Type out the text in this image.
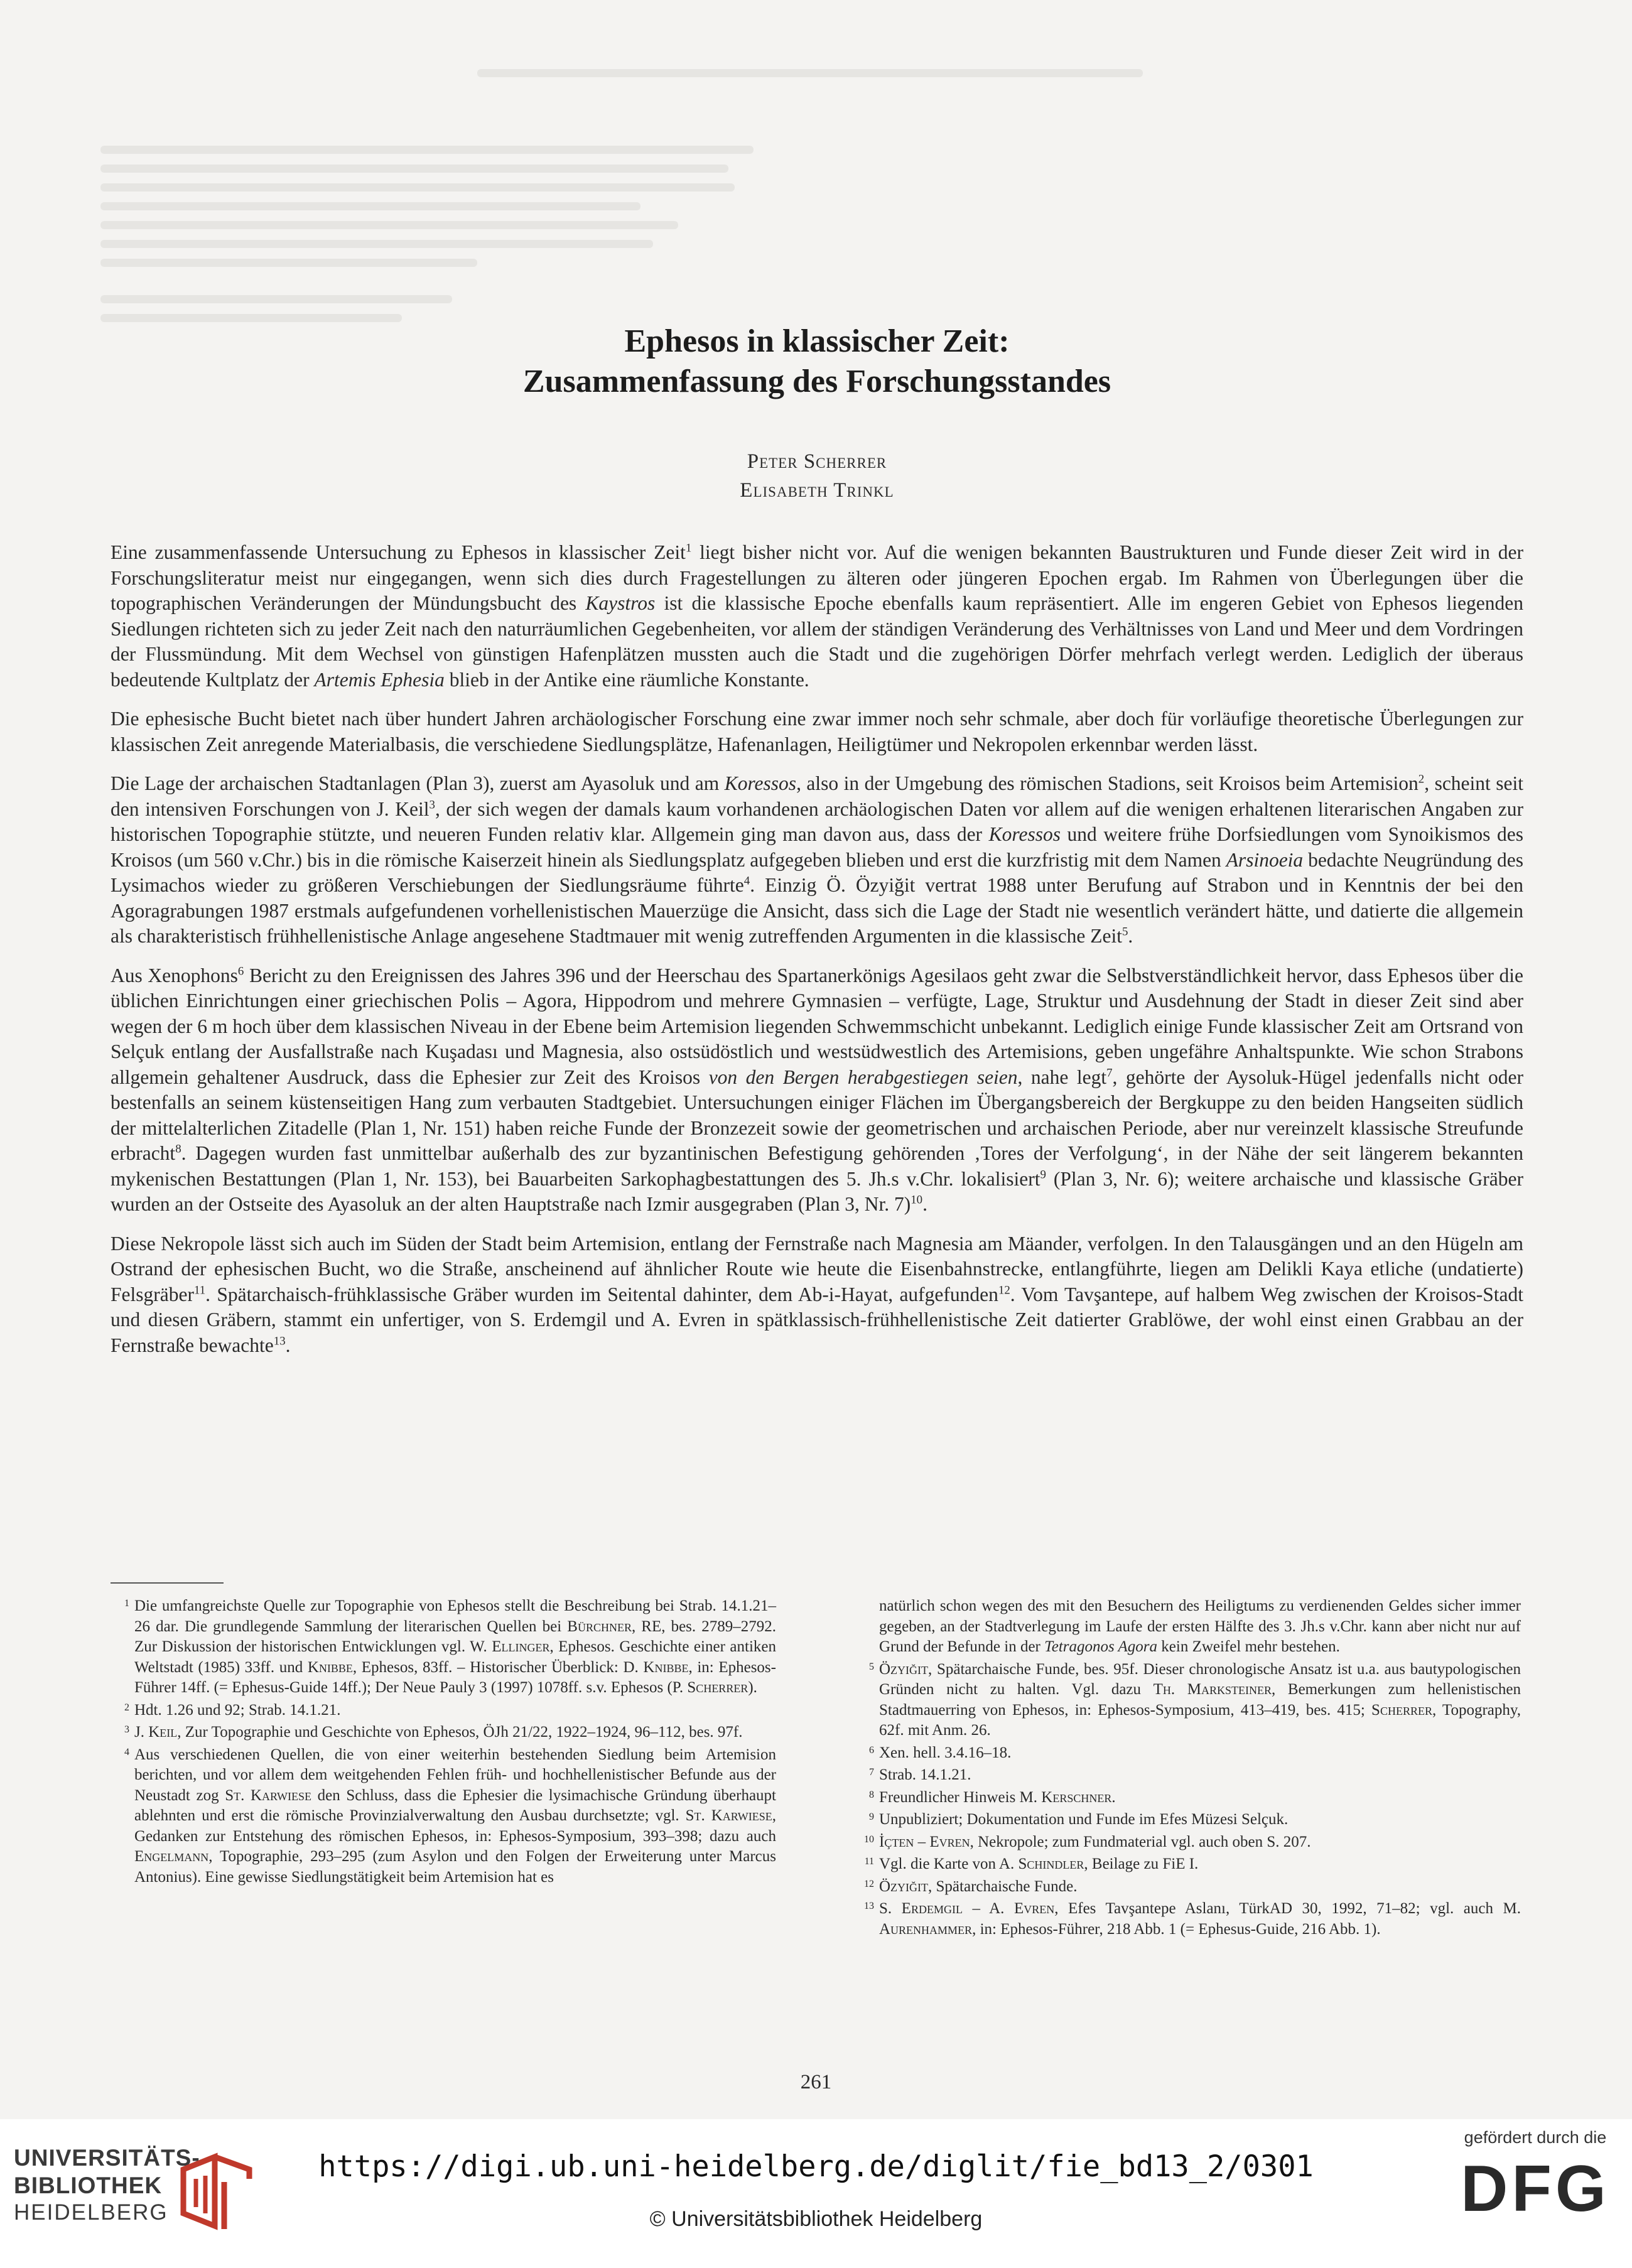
Ephesos in klassischer Zeit:
Zusammenfassung des Forschungsstandes
Peter Scherrer
Elisabeth Trinkl

Eine zusammenfassende Untersuchung zu Ephesos in klassischer Zeit$^1$ liegt bisher nicht vor. Auf die wenigen bekannten Baustrukturen und Funde dieser Zeit wird in der Forschungsliteratur meist nur eingegangen, wenn sich dies durch Fragestellungen zu älteren oder jüngeren Epochen ergab. Im Rahmen von Überlegungen über die topographischen Veränderungen der Mündungsbucht des Kaystros ist die klassische Epoche ebenfalls kaum repräsentiert. Alle im engeren Gebiet von Ephesos liegenden Siedlungen richteten sich zu jeder Zeit nach den naturräumlichen Gegebenheiten, vor allem der ständigen Veränderung des Verhältnisses von Land und Meer und dem Vordringen der Flussmündung. Mit dem Wechsel von günstigen Hafenplätzen mussten auch die Stadt und die zugehörigen Dörfer mehrfach verlegt werden. Lediglich der überaus bedeutende Kultplatz der Artemis Ephesia blieb in der Antike eine räumliche Konstante.

Die ephesische Bucht bietet nach über hundert Jahren archäologischer Forschung eine zwar immer noch sehr schmale, aber doch für vorläufige theoretische Überlegungen zur klassischen Zeit anregende Materialbasis, die verschiedene Siedlungsplätze, Hafenanlagen, Heiligtümer und Nekropolen erkennbar werden lässt.

Die Lage der archaischen Stadtanlagen (Plan 3), zuerst am Ayasoluk und am Koressos, also in der Umgebung des römischen Stadions, seit Kroisos beim Artemision$^2$, scheint seit den intensiven Forschungen von J. Keil$^3$, der sich wegen der damals kaum vorhandenen archäologischen Daten vor allem auf die wenigen erhaltenen literarischen Angaben zur historischen Topographie stützte, und neueren Funden relativ klar. Allgemein ging man davon aus, dass der Koressos und weitere frühe Dorfsiedlungen vom Synoikismos des Kroisos (um 560 v.Chr.) bis in die römische Kaiserzeit hinein als Siedlungsplatz aufgegeben blieben und erst die kurzfristig mit dem Namen Arsinoeia bedachte Neugründung des Lysimachos wieder zu größeren Verschiebungen der Siedlungsräume führte$^4$. Einzig Ö. Özyiğit vertrat 1988 unter Berufung auf Strabon und in Kenntnis der bei den Agoragrabungen 1987 erstmals aufgefundenen vorhellenistischen Mauerzüge die Ansicht, dass sich die Lage der Stadt nie wesentlich verändert hätte, und datierte die allgemein als charakteristisch frühhellenistische Anlage angesehene Stadtmauer mit wenig zutreffenden Argumenten in die klassische Zeit$^5$.

Aus Xenophons$^6$ Bericht zu den Ereignissen des Jahres 396 und der Heerschau des Spartanerkönigs Agesilaos geht zwar die Selbstverständlichkeit hervor, dass Ephesos über die üblichen Einrichtungen einer griechischen Polis – Agora, Hippodrom und mehrere Gymnasien – verfügte, Lage, Struktur und Ausdehnung der Stadt in dieser Zeit sind aber wegen der 6 m hoch über dem klassischen Niveau in der Ebene beim Artemision liegenden Schwemmschicht unbekannt. Lediglich einige Funde klassischer Zeit am Ortsrand von Selçuk entlang der Ausfallstraße nach Kuşadası und Magnesia, also ostsüdöstlich und westsüdwestlich des Artemisions, geben ungefähre Anhaltspunkte. Wie schon Strabons allgemein gehaltener Ausdruck, dass die Ephesier zur Zeit des Kroisos von den Bergen herabgestiegen seien, nahe legt$^7$, gehörte der Aysoluk-Hügel jedenfalls nicht oder bestenfalls an seinem küstenseitigen Hang zum verbauten Stadtgebiet. Untersuchungen einiger Flächen im Übergangsbereich der Bergkuppe zu den beiden Hangseiten südlich der mittelalterlichen Zitadelle (Plan 1, Nr. 151) haben reiche Funde der Bronzezeit sowie der geometrischen und archaischen Periode, aber nur vereinzelt klassische Streufunde erbracht$^8$. Dagegen wurden fast unmittelbar außerhalb des zur byzantinischen Befestigung gehörenden ‚Tores der Verfolgung‘, in der Nähe der seit längerem bekannten mykenischen Bestattungen (Plan 1, Nr. 153), bei Bauarbeiten Sarkophagbestattungen des 5. Jh.s v.Chr. lokalisiert$^9$ (Plan 3, Nr. 6); weitere archaische und klassische Gräber wurden an der Ostseite des Ayasoluk an der alten Hauptstraße nach Izmir ausgegraben (Plan 3, Nr. 7)$^{10}$.

Diese Nekropole lässt sich auch im Süden der Stadt beim Artemision, entlang der Fernstraße nach Magnesia am Mäander, verfolgen. In den Talausgängen und an den Hügeln am Ostrand der ephesischen Bucht, wo die Straße, anscheinend auf ähnlicher Route wie heute die Eisenbahnstrecke, entlangführte, liegen am Delikli Kaya etliche (undatierte) Felsgräber$^{11}$. Spätarchaisch-frühklassische Gräber wurden im Seitental dahinter, dem Ab-i-Hayat, aufgefunden$^{12}$. Vom Tavşantepe, auf halbem Weg zwischen der Kroisos-Stadt und diesen Gräbern, stammt ein unfertiger, von S. Erdemgil und A. Evren in spätklassisch-frühhellenistische Zeit datierter Grablöwe, der wohl einst einen Grabbau an der Fernstraße bewachte$^{13}$.

1 Die umfangreichste Quelle zur Topographie von Ephesos stellt die Beschreibung bei Strab. 14.1.21–26 dar. Die grundlegende Sammlung der literarischen Quellen bei Bürchner, RE, bes. 2789–2792. Zur Diskussion der historischen Entwicklungen vgl. W. Ellinger, Ephesos. Geschichte einer antiken Weltstadt (1985) 33ff. und Knibbe, Ephesos, 83ff. – Historischer Überblick: D. Knibbe, in: Ephesos-Führer 14ff. (= Ephesus-Guide 14ff.); Der Neue Pauly 3 (1997) 1078ff. s.v. Ephesos (P. Scherrer).
2 Hdt. 1.26 und 92; Strab. 14.1.21.
3 J. Keil, Zur Topographie und Geschichte von Ephesos, ÖJh 21/22, 1922–1924, 96–112, bes. 97f.
4 Aus verschiedenen Quellen, die von einer weiterhin bestehenden Siedlung beim Artemision berichten, und vor allem dem weitgehenden Fehlen früh- und hochhellenistischer Befunde aus der Neustadt zog St. Karwiese den Schluss, dass die Ephesier die lysimachische Gründung überhaupt ablehnten und erst die römische Provinzialverwaltung den Ausbau durchsetzte; vgl. St. Karwiese, Gedanken zur Entstehung des römischen Ephesos, in: Ephesos-Symposium, 393–398; dazu auch Engelmann, Topographie, 293–295 (zum Asylon und den Folgen der Erweiterung unter Marcus Antonius). Eine gewisse Siedlungstätigkeit beim Artemision hat es
natürlich schon wegen des mit den Besuchern des Heiligtums zu verdienenden Geldes sicher immer gegeben, an der Stadtverlegung im Laufe der ersten Hälfte des 3. Jh.s v.Chr. kann aber nicht nur auf Grund der Befunde in der Tetragonos Agora kein Zweifel mehr bestehen.
5 Özyiğit, Spätarchaische Funde, bes. 95f. Dieser chronologische Ansatz ist u.a. aus bautypologischen Gründen nicht zu halten. Vgl. dazu Th. Marksteiner, Bemerkungen zum hellenistischen Stadtmauerring von Ephesos, in: Ephesos-Symposium, 413–419, bes. 415; Scherrer, Topography, 62f. mit Anm. 26.
6 Xen. hell. 3.4.16–18.
7 Strab. 14.1.21.
8 Freundlicher Hinweis M. Kerschner.
9 Unpubliziert; Dokumentation und Funde im Efes Müzesi Selçuk.
10 İçten – Evren, Nekropole; zum Fundmaterial vgl. auch oben S. 207.
11 Vgl. die Karte von A. Schindler, Beilage zu FiE I.
12 Özyiğit, Spätarchaische Funde.
13 S. Erdemgil – A. Evren, Efes Tavşantepe Aslanı, TürkAD 30, 1992, 71–82; vgl. auch M. Aurenhammer, in: Ephesos-Führer, 218 Abb. 1 (= Ephesus-Guide, 216 Abb. 1).
261
UNIVERSITÄTS-
BIBLIOTHEK
HEIDELBERG
https://digi.ub.uni-heidelberg.de/diglit/fie_bd13_2/0301
© Universitätsbibliothek Heidelberg
gefördert durch die
DFG
